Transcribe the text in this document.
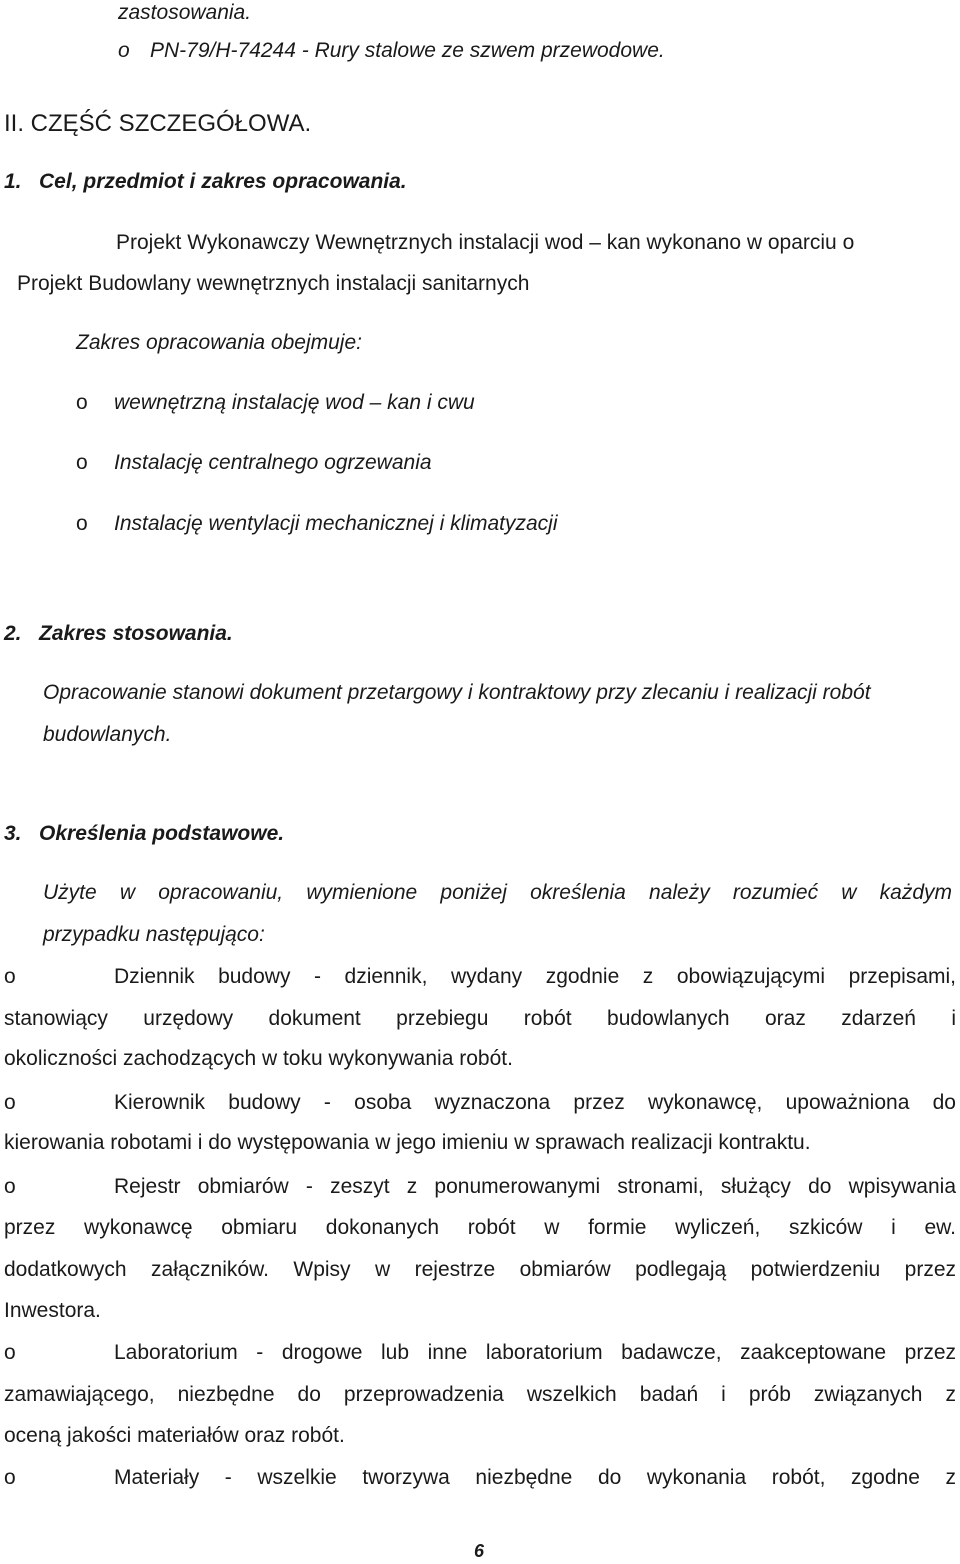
zastosowania.
o PN-79/H-74244 - Rury stalowe ze szwem przewodowe.
II. CZĘŚĆ SZCZEGÓŁOWA.
1.   Cel, przedmiot i zakres opracowania.
Projekt Wykonawczy Wewnętrznych instalacji wod – kan wykonano w oparciu o
Projekt Budowlany wewnętrznych instalacji sanitarnych
Zakres opracowania obejmuje:
o wewnętrzną instalację wod – kan i cwu
o Instalację centralnego ogrzewania
o Instalację wentylacji mechanicznej i klimatyzacji
2.   Zakres stosowania.
Opracowanie stanowi dokument przetargowy i kontraktowy przy zlecaniu i realizacji robót
budowlanych.
3.   Określenia podstawowe.
Użyte w opracowaniu, wymienione poniżej określenia należy rozumieć w każdym
przypadku następująco:
o	Dziennik budowy - dziennik, wydany zgodnie z obowiązującymi przepisami,
stanowiący urzędowy dokument przebiegu robót budowlanych oraz zdarzeń i
okoliczności zachodzących w toku wykonywania robót.
o	Kierownik budowy - osoba wyznaczona przez wykonawcę, upoważniona do
kierowania robotami i do występowania w jego imieniu w sprawach realizacji kontraktu.
o	Rejestr obmiarów - zeszyt z ponumerowanymi stronami, służący do wpisywania
przez wykonawcę obmiaru dokonanych robót w formie wyliczeń, szkiców i ew.
dodatkowych załączników. Wpisy w rejestrze obmiarów podlegają potwierdzeniu przez
Inwestora.
o	Laboratorium - drogowe lub inne laboratorium badawcze, zaakceptowane przez
zamawiającego, niezbędne do przeprowadzenia wszelkich badań i prób związanych z
oceną jakości materiałów oraz robót.
o	Materiały - wszelkie tworzywa niezbędne do wykonania robót, zgodne z
6
